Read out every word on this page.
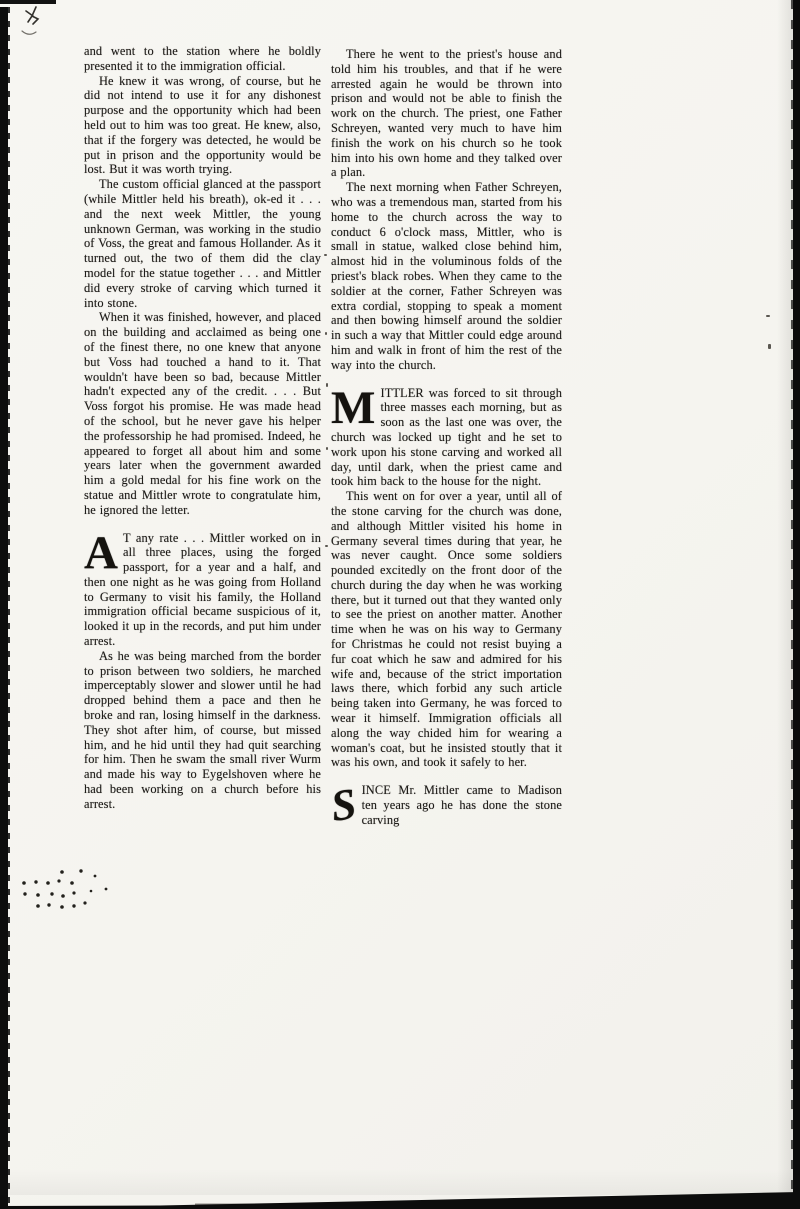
and went to the station where he boldly presented it to the immigration official.

He knew it was wrong, of course, but he did not intend to use it for any dishonest purpose and the opportunity which had been held out to him was too great. He knew, also, that if the forgery was detected, he would be put in prison and the opportunity would be lost. But it was worth trying.

The custom official glanced at the passport (while Mittler held his breath), ok-ed it . . . and the next week Mittler, the young unknown German, was working in the studio of Voss, the great and famous Hollander. As it turned out, the two of them did the clay model for the statue together . . . and Mittler did every stroke of carving which turned it into stone.

When it was finished, however, and placed on the building and acclaimed as being one of the finest there, no one knew that anyone but Voss had touched a hand to it. That wouldn't have been so bad, because Mittler hadn't expected any of the credit. . . . But Voss forgot his promise. He was made head of the school, but he never gave his helper the professorship he had promised. Indeed, he appeared to forget all about him and some years later when the government awarded him a gold medal for his fine work on the statue and Mittler wrote to congratulate him, he ignored the letter.

A T any rate . . . Mittler worked on in all three places, using the forged passport, for a year and a half, and then one night as he was going from Holland to Germany to visit his family, the Holland immigration official became suspicious of it, looked it up in the records, and put him under arrest.

As he was being marched from the border to prison between two soldiers, he marched imperceptably slower and slower until he had dropped behind them a pace and then he broke and ran, losing himself in the darkness. They shot after him, of course, but missed him, and he hid until they had quit searching for him. Then he swam the small river Wurm and made his way to Eygelshoven where he had been working on a church before his arrest.

There he went to the priest's house and told him his troubles, and that if he were arrested again he would be thrown into prison and would not be able to finish the work on the church. The priest, one Father Schreyen, wanted very much to have him finish the work on his church so he took him into his own home and they talked over a plan.

The next morning when Father Schreyen, who was a tremendous man, started from his home to the church across the way to conduct 6 o'clock mass, Mittler, who is small in statue, walked close behind him, almost hid in the voluminous folds of the priest's black robes. When they came to the soldier at the corner, Father Schreyen was extra cordial, stopping to speak a moment and then bowing himself around the soldier in such a way that Mittler could edge around him and walk in front of him the rest of the way into the church.

MITTLER was forced to sit through three masses each morning, but as soon as the last one was over, the church was locked up tight and he set to work upon his stone carving and worked all day, until dark, when the priest came and took him back to the house for the night.

This went on for over a year, until all of the stone carving for the church was done, and although Mittler visited his home in Germany several times during that year, he was never caught. Once some soldiers pounded excitedly on the front door of the church during the day when he was working there, but it turned out that they wanted only to see the priest on another matter. Another time when he was on his way to Germany for Christmas he could not resist buying a fur coat which he saw and admired for his wife and, because of the strict importation laws there, which forbid any such article being taken into Germany, he was forced to wear it himself. Immigration officials all along the way chided him for wearing a woman's coat, but he insisted stoutly that it was his own, and took it safely to her.

SINCE Mr. Mittler came to Madison ten years ago he has done the stone carving
